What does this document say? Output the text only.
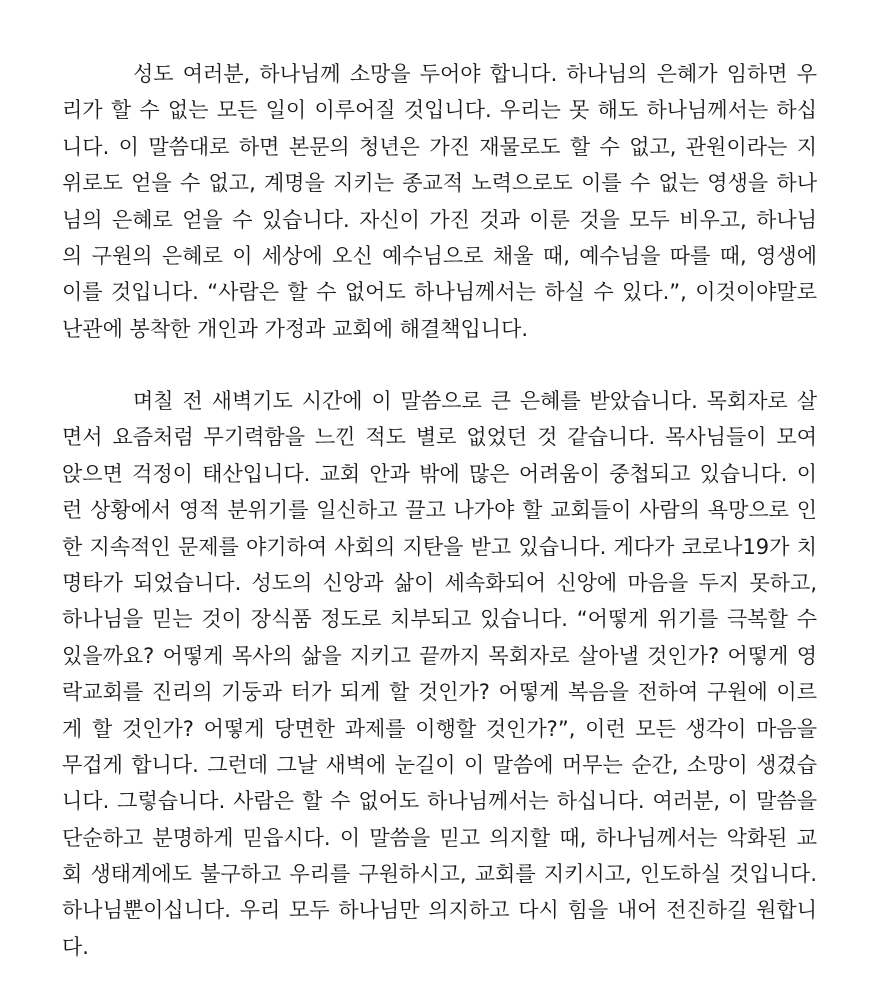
성도 여러분, 하나님께 소망을 두어야 합니다. 하나님의 은혜가 임하면 우
리가 할 수 없는 모든 일이 이루어질 것입니다. 우리는 못 해도 하나님께서는 하십
니다. 이 말씀대로 하면 본문의 청년은 가진 재물로도 할 수 없고, 관원이라는 지
위로도 얻을 수 없고, 계명을 지키는 종교적 노력으로도 이를 수 없는 영생을 하나
님의 은혜로 얻을 수 있습니다. 자신이 가진 것과 이룬 것을 모두 비우고, 하나님
의 구원의 은혜로 이 세상에 오신 예수님으로 채울 때, 예수님을 따를 때, 영생에
이를 것입니다. “사람은 할 수 없어도 하나님께서는 하실 수 있다.”, 이것이야말로
난관에 봉착한 개인과 가정과 교회에 해결책입니다.
며칠 전 새벽기도 시간에 이 말씀으로 큰 은혜를 받았습니다. 목회자로 살
면서 요즘처럼 무기력함을 느낀 적도 별로 없었던 것 같습니다. 목사님들이 모여
앉으면 걱정이 태산입니다. 교회 안과 밖에 많은 어려움이 중첩되고 있습니다. 이
런 상황에서 영적 분위기를 일신하고 끌고 나가야 할 교회들이 사람의 욕망으로 인
한 지속적인 문제를 야기하여 사회의 지탄을 받고 있습니다. 게다가 코로나19가 치
명타가 되었습니다. 성도의 신앙과 삶이 세속화되어 신앙에 마음을 두지 못하고,
하나님을 믿는 것이 장식품 정도로 치부되고 있습니다. “어떻게 위기를 극복할 수
있을까요? 어떻게 목사의 삶을 지키고 끝까지 목회자로 살아낼 것인가? 어떻게 영
락교회를 진리의 기둥과 터가 되게 할 것인가? 어떻게 복음을 전하여 구원에 이르
게 할 것인가? 어떻게 당면한 과제를 이행할 것인가?”, 이런 모든 생각이 마음을
무겁게 합니다. 그런데 그날 새벽에 눈길이 이 말씀에 머무는 순간, 소망이 생겼습
니다. 그렇습니다. 사람은 할 수 없어도 하나님께서는 하십니다. 여러분, 이 말씀을
단순하고 분명하게 믿읍시다. 이 말씀을 믿고 의지할 때, 하나님께서는 악화된 교
회 생태계에도 불구하고 우리를 구원하시고, 교회를 지키시고, 인도하실 것입니다.
하나님뿐이십니다. 우리 모두 하나님만 의지하고 다시 힘을 내어 전진하길 원합니
다.
